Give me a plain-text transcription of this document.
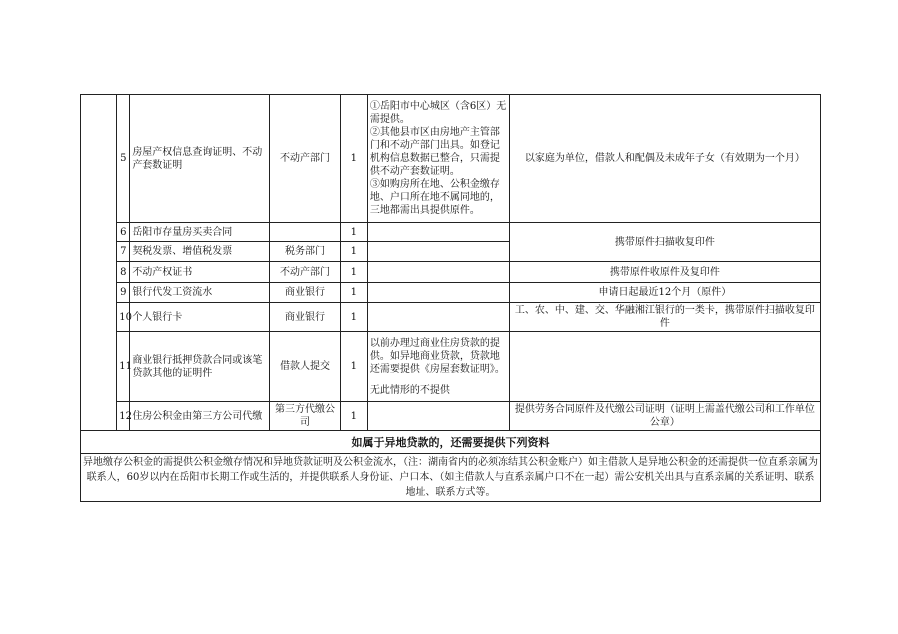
	5	房屋产权信息查询证明、不动产套数证明	不动产部门	1	①岳阳市中心城区（含6区）无需提供。
②其他县市区由房地产主管部门和不动产部门出具。如登记机构信息数据已整合，只需提供不动产套数证明。
③如购房所在地、公积金缴存地、户口所在地不属同地的，三地都需出具提供原件。	以家庭为单位，借款人和配偶及未成年子女（有效期为一个月）
	6	岳阳市存量房买卖合同		1		携带原件扫描收复印件
	7	契税发票、增值税发票	税务部门	1		
	8	不动产权证书	不动产部门	1		携带原件收原件及复印件
	9	银行代发工资流水	商业银行	1		申请日起最近12个月（原件）
	10	个人银行卡	商业银行	1		工、农、中、建、交、华融湘江银行的一类卡，携带原件扫描收复印件
	11	商业银行抵押贷款合同或该笔贷款其他的证明件	借款人提交	1	以前办理过商业住房贷款的提供。如异地商业贷款，贷款地还需要提供《房屋套数证明》。
无此情形的不提供	

	12	住房公积金由第三方公司代缴	第三方代缴公司	1		提供劳务合同原件及代缴公司证明（证明上需盖代缴公司和工作单位公章）
如属于异地贷款的，还需要提供下列资料						
异地缴存公积金的需提供公积金缴存情况和异地贷款证明及公积金流水，（注：湖南省内的必须冻结其公积金账户）如主借款人是异地公积金的还需提供一位直系亲属为联系人，60岁以内在岳阳市长期工作或生活的，并提供联系人身份证、户口本、（如主借款人与直系亲属户口不在一起）需公安机关出具与直系亲属的关系证明、联系地址、联系方式等。						
